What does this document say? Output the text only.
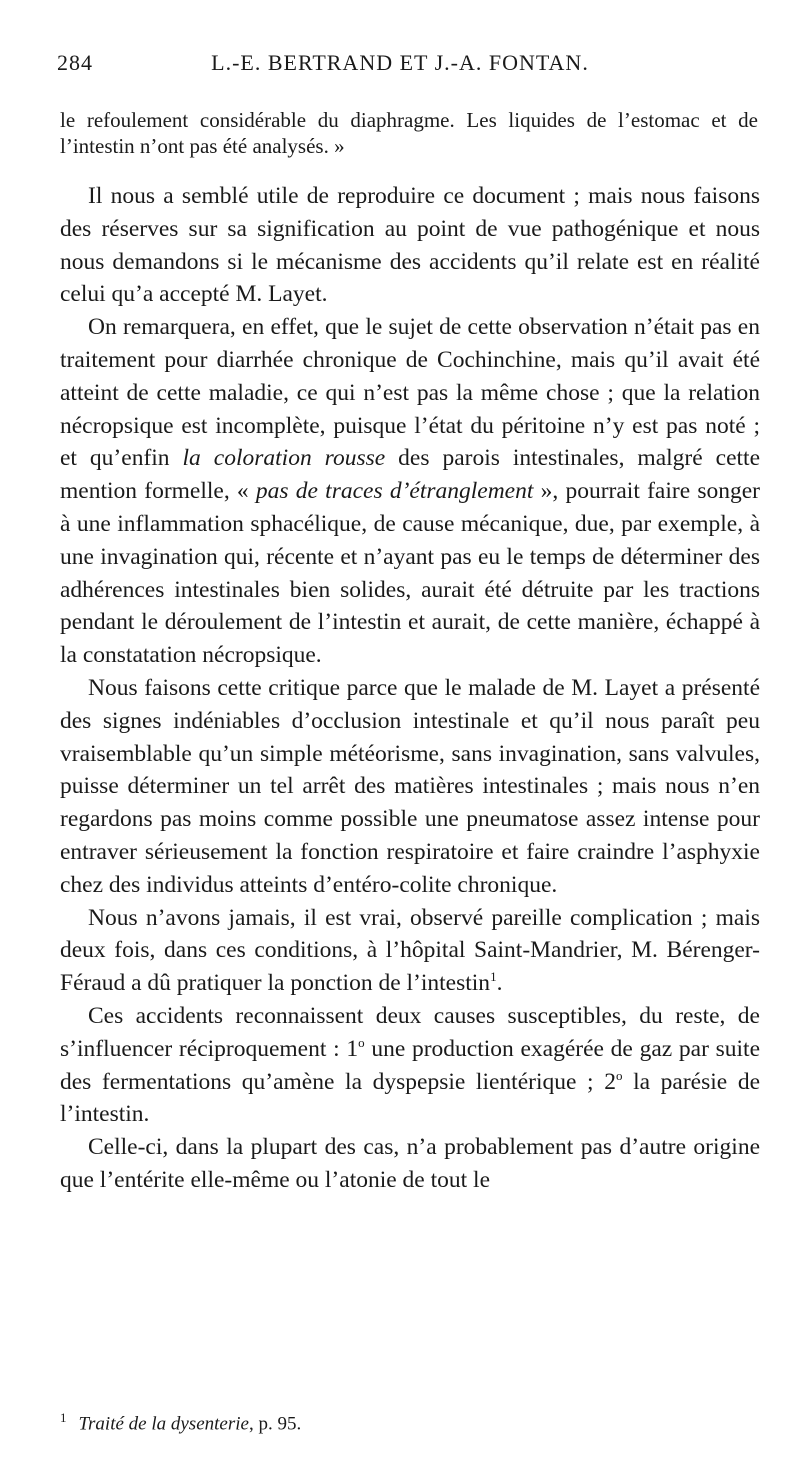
284	L.-E. BERTRAND ET J.-A. FONTAN.
le refoulement considérable du diaphragme. Les liquides de l’estomac et de l’intestin n’ont pas été analysés. »

Il nous a semblé utile de reproduire ce document ; mais nous faisons des réserves sur sa signification au point de vue pathogénique et nous nous demandons si le mécanisme des accidents qu’il relate est en réalité celui qu’a accepté M. Layet.

On remarquera, en effet, que le sujet de cette observation n’était pas en traitement pour diarrhée chronique de Cochinchine, mais qu’il avait été atteint de cette maladie, ce qui n’est pas la même chose ; que la relation nécropsique est incomplète, puisque l’état du péritoine n’y est pas noté ; et qu’enfin la coloration rousse des parois intestinales, malgré cette mention formelle, « pas de traces d’étranglement », pourrait faire songer à une inflammation sphacélique, de cause mécanique, due, par exemple, à une invagination qui, récente et n’ayant pas eu le temps de déterminer des adhérences intestinales bien solides, aurait été détruite par les tractions pendant le déroulement de l’intestin et aurait, de cette manière, échappé à la constatation nécropsique.

Nous faisons cette critique parce que le malade de M. Layet a présenté des signes indéniables d’occlusion intestinale et qu’il nous paraît peu vraisemblable qu’un simple météorisme, sans invagination, sans valvules, puisse déterminer un tel arrêt des matières intestinales ; mais nous n’en regardons pas moins comme possible une pneumatose assez intense pour entraver sérieusement la fonction respiratoire et faire craindre l’asphyxie chez des individus atteints d’entéro-colite chronique.

Nous n’avons jamais, il est vrai, observé pareille complication ; mais deux fois, dans ces conditions, à l’hôpital Saint-Mandrier, M. Bérenger-Féraud a dû pratiquer la ponction de l’intestin$^1$.

Ces accidents reconnaissent deux causes susceptibles, du reste, de s’influencer réciproquement : 1$^o$ une production exagérée de gaz par suite des fermentations qu’amène la dyspepsie lientérique ; 2$^o$ la parésie de l’intestin.

Celle-ci, dans la plupart des cas, n’a probablement pas d’autre origine que l’entérite elle-même ou l’atonie de tout le

$^1$ Traité de la dysenterie, p. 95.
